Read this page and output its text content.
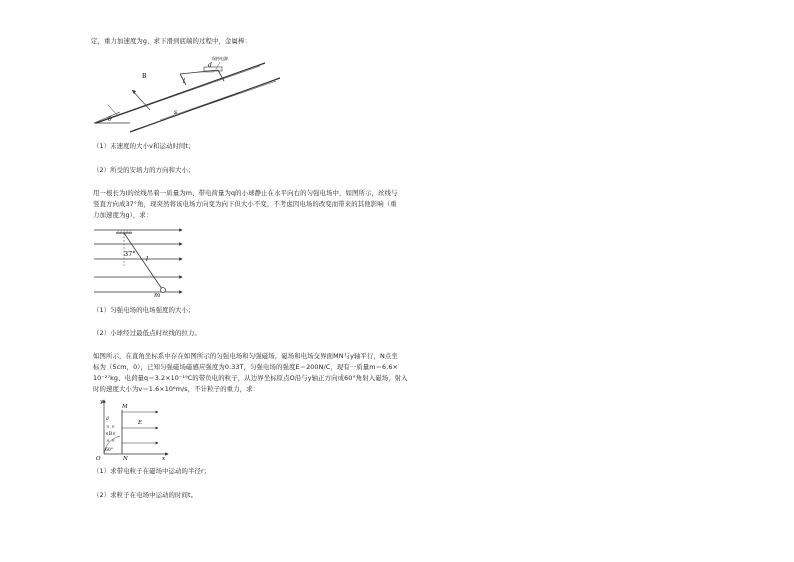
定，重力加速度为g，求下滑到底端的过程中，金属棒：
B
d
保持电源
l
s
θ
（1）末速度的大小v和运动时间t；
（2）所受的安培力的方向和大小；
用一根长为l的丝线吊着一质量为m、带电荷量为q的小球静止在水平向右的匀强电场中，如图所示，丝线与
竖直方向成37°角，现突然将该电场方向变为向下但大小不变，不考虑因电场的改变而带来的其他影响（重
力加速度为g），求：
37°
l
m
（1）匀强电场的电场强度的大小；
（2）小球经过最低点时丝线的拉力。
如图所示，在直角坐标系中存在如图所示的匀强电场和匀强磁场，磁场和电场交界面MN与y轴平行，N点坐
标为（5cm，0），已知匀强磁场磁感应强度为0.33T，匀强电场的强度E＝200N/C，现有一质量m＝6.6×
10⁻²⁷kg、电荷量q＝3.2×10⁻¹⁹C的带负电的粒子，从边界坐标原点O沿与y轴正方向成60°角射入磁场，射入
时的速度大小为v＝1.6×10⁶m/s，不计粒子的重力，求：
y
M
N
O	x
E
d
× ×
×B×
× ×
60°
（1）求带电粒子在磁场中运动的半径r；
（2）求粒子在电场中运动的时间t。
